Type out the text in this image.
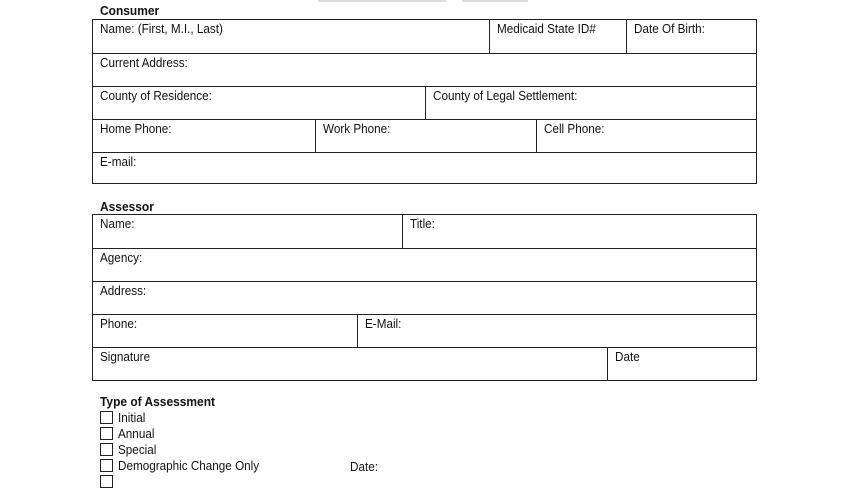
Consumer
Name: (First, M.I., Last)	Medicaid State ID#	Date Of Birth:
Current Address:
County of Residence:	County of Legal Settlement:
Home Phone:	Work Phone:	Cell Phone:
E-mail:
Assessor
Name:	Title:
Agency:
Address:
Phone:	E-Mail:
Signature	Date
Type of Assessment
Initial
Annual
Special
Demographic Change Only	Date:
